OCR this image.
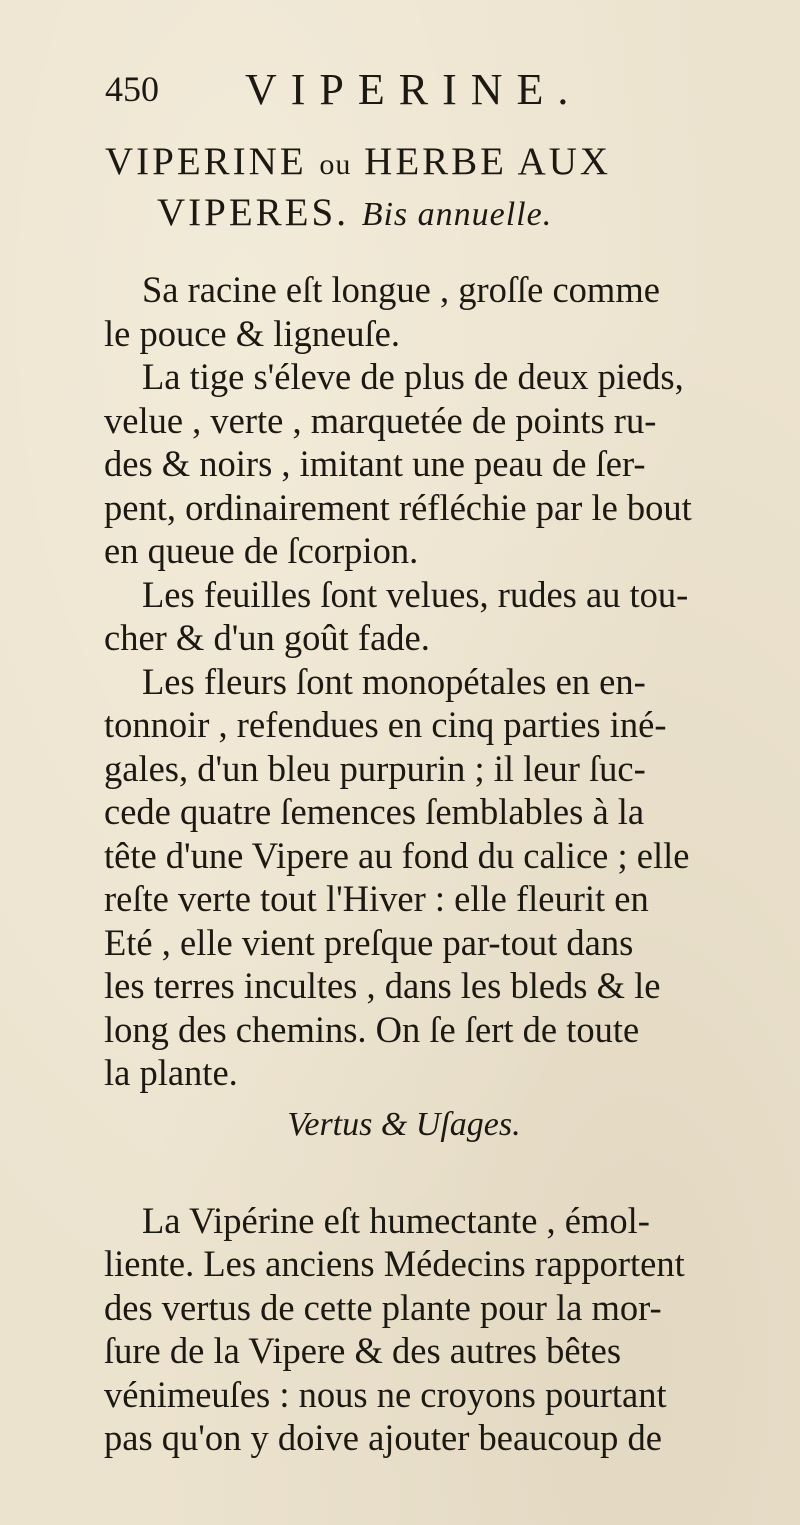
450 VIPERINE.
VIPERINE ou HERBE AUX
VIPERES. Bis annuelle.
Sa racine eſt longue , groſſe comme
le pouce & ligneuſe.
La tige s'éleve de plus de deux pieds,
velue , verte , marquetée de points ru-
des & noirs , imitant une peau de ſer-
pent, ordinairement réfléchie par le bout
en queue de ſcorpion.
Les feuilles ſont velues, rudes au tou-
cher & d'un goût fade.
Les fleurs ſont monopétales en en-
tonnoir , refendues en cinq parties iné-
gales, d'un bleu purpurin ; il leur ſuc-
cede quatre ſemences ſemblables à la
tête d'une Vipere au fond du calice ; elle
reſte verte tout l'Hiver : elle fleurit en
Eté , elle vient preſque par-tout dans
les terres incultes , dans les bleds & le
long des chemins. On ſe ſert de toute
la plante.
Vertus & Uſages.
La Vipérine eſt humectante , émol-
liente. Les anciens Médecins rapportent
des vertus de cette plante pour la mor-
ſure de la Vipere & des autres bêtes
vénimeuſes : nous ne croyons pourtant
pas qu'on y doive ajouter beaucoup de
